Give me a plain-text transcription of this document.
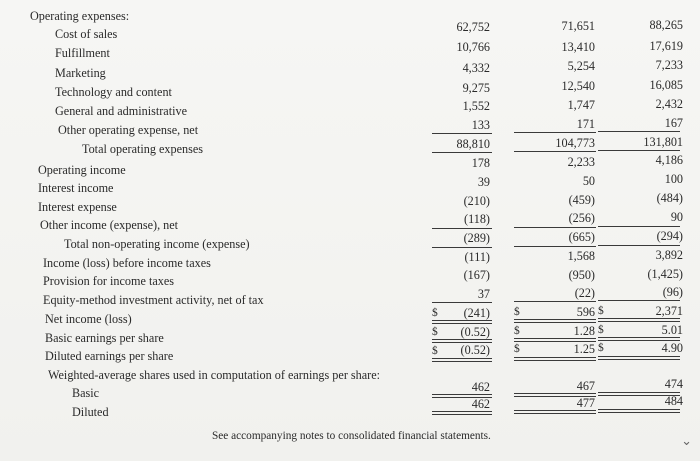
Operating expenses:
Cost of sales
Fulfillment
Marketing
Technology and content
General and administrative
Other operating expense, net
Total operating expenses
Operating income
Interest income
Interest expense
Other income (expense), net
Total non-operating income (expense)
Income (loss) before income taxes
Provision for income taxes
Equity-method investment activity, net of tax
Net income (loss)
Basic earnings per share
Diluted earnings per share
Weighted-average shares used in computation of earnings per share:
Basic
Diluted
62,752
10,766
4,332
9,275
1,552
133
88,810
178
39
(210)
(118)
(289)
(111)
(167)
37
(241)
(0.52)
(0.52)
462
462
71,651
13,410
5,254
12,540
1,747
171
104,773
2,233
50
(459)
(256)
(665)
1,568
(950)
(22)
596
1.28
1.25
467
477
88,265
17,619
7,233
16,085
2,432
167
131,801
4,186
100
(484)
90
(294)
3,892
(1,425)
(96)
2,371
5.01
4.90
474
484
$
$
$
$
$
$
$
$
$
See accompanying notes to consolidated financial statements.	⌄
